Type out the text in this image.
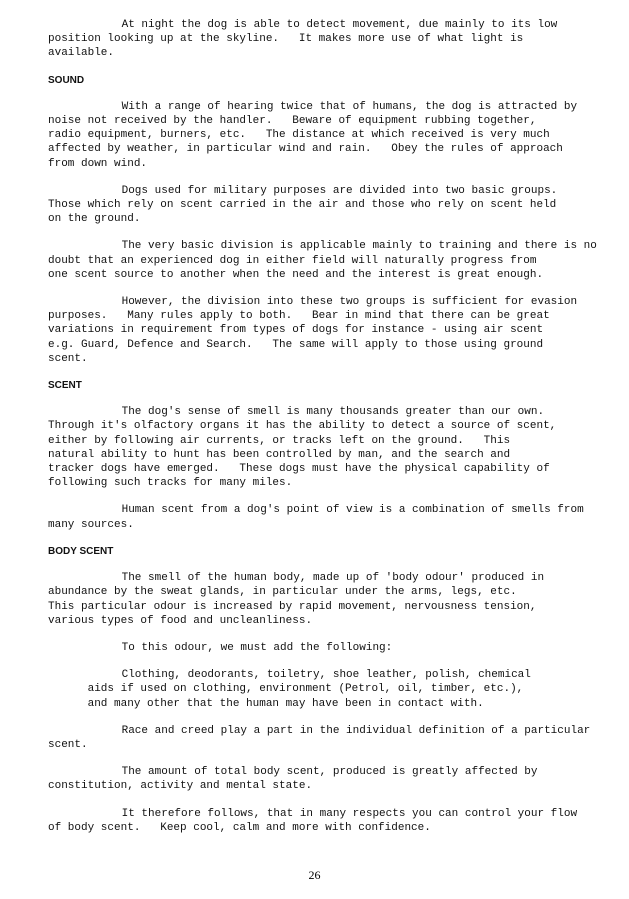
At night the dog is able to detect movement, due mainly to its low
position looking up at the skyline.   It makes more use of what light is
available.
SOUND
With a range of hearing twice that of humans, the dog is attracted by
noise not received by the handler.   Beware of equipment rubbing together,
radio equipment, burners, etc.   The distance at which received is very much
affected by weather, in particular wind and rain.   Obey the rules of approach
from down wind.
Dogs used for military purposes are divided into two basic groups.
Those which rely on scent carried in the air and those who rely on scent held
on the ground.
The very basic division is applicable mainly to training and there is no
doubt that an experienced dog in either field will naturally progress from
one scent source to another when the need and the interest is great enough.
However, the division into these two groups is sufficient for evasion
purposes.   Many rules apply to both.   Bear in mind that there can be great
variations in requirement from types of dogs for instance - using air scent
e.g. Guard, Defence and Search.   The same will apply to those using ground
scent.
SCENT
The dog's sense of smell is many thousands greater than our own.
Through it's olfactory organs it has the ability to detect a source of scent,
either by following air currents, or tracks left on the ground.   This
natural ability to hunt has been controlled by man, and the search and
tracker dogs have emerged.   These dogs must have the physical capability of
following such tracks for many miles.
Human scent from a dog's point of view is a combination of smells from
many sources.
BODY SCENT
The smell of the human body, made up of 'body odour' produced in
abundance by the sweat glands, in particular under the arms, legs, etc.
This particular odour is increased by rapid movement, nervousness tension,
various types of food and uncleanliness.
To this odour, we must add the following:
Clothing, deodorants, toiletry, shoe leather, polish, chemical
aids if used on clothing, environment (Petrol, oil, timber, etc.),
and many other that the human may have been in contact with.
Race and creed play a part in the individual definition of a particular
scent.
The amount of total body scent, produced is greatly affected by
constitution, activity and mental state.
It therefore follows, that in many respects you can control your flow
of body scent.   Keep cool, calm and more with confidence.
26
